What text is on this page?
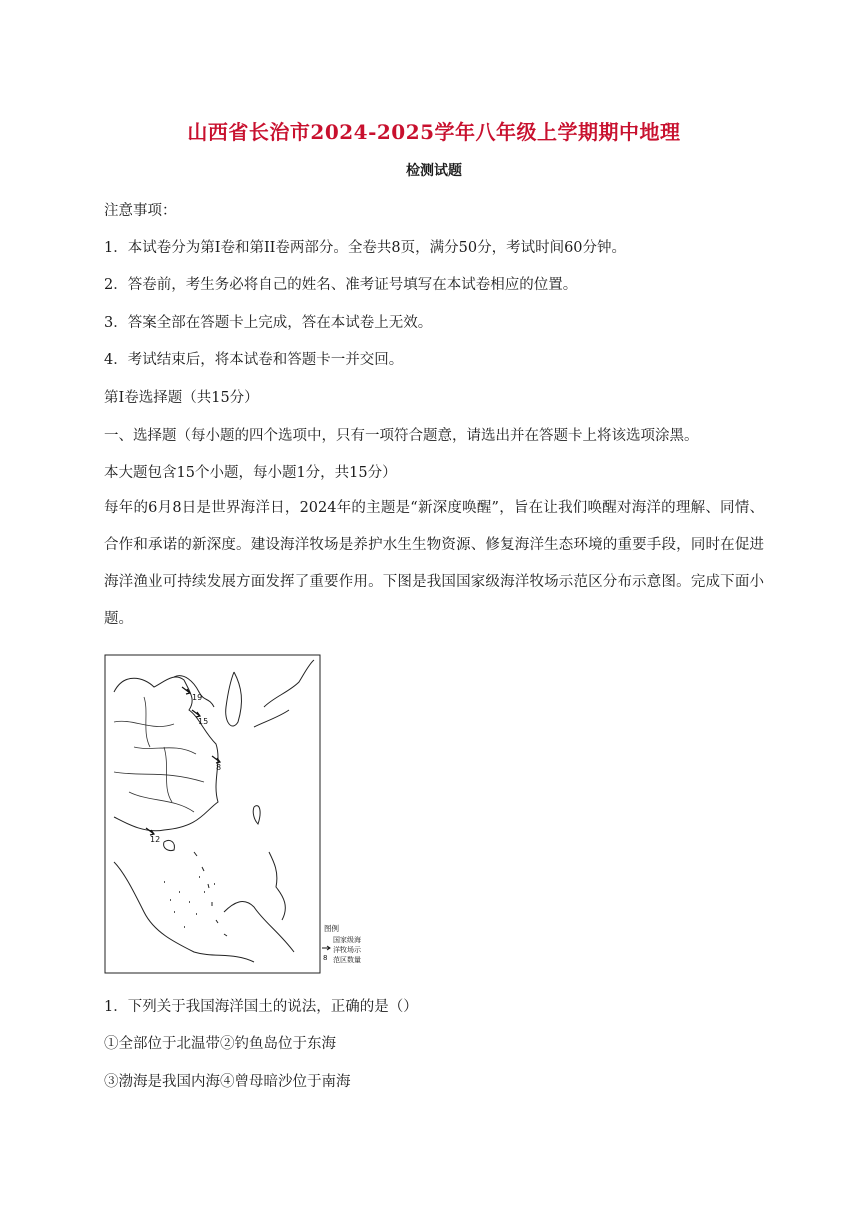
山西省长治市2024-2025学年八年级上学期期中地理
检测试题
注意事项：
1．本试卷分为第Ⅰ卷和第II卷两部分。全卷共8页，满分50分，考试时间60分钟。
2．答卷前，考生务必将自己的姓名、准考证号填写在本试卷相应的位置。
3．答案全部在答题卡上完成，答在本试卷上无效。
4．考试结束后，将本试卷和答题卡一并交回。
第Ⅰ卷选择题（共15分）
一、选择题（每小题的四个选项中，只有一项符合题意，请选出并在答题卡上将该选项涂黑。
本大题包含15个小题，每小题1分，共15分）
每年的6月8日是世界海洋日，2024年的主题是“新深度唤醒”，旨在让我们唤醒对海洋的理解、同情、合作和承诺的新深度。建设海洋牧场是养护水生生物资源、修复海洋生态环境的重要手段，同时在促进海洋渔业可持续发展方面发挥了重要作用。下图是我国国家级海洋牧场示范区分布示意图。完成下面小题。
19
15
8
12
图例
8
国家级海
洋牧场示
范区数量
1．下列关于我国海洋国土的说法，正确的是（）
①全部位于北温带②钓鱼岛位于东海
③渤海是我国内海④曾母暗沙位于南海
